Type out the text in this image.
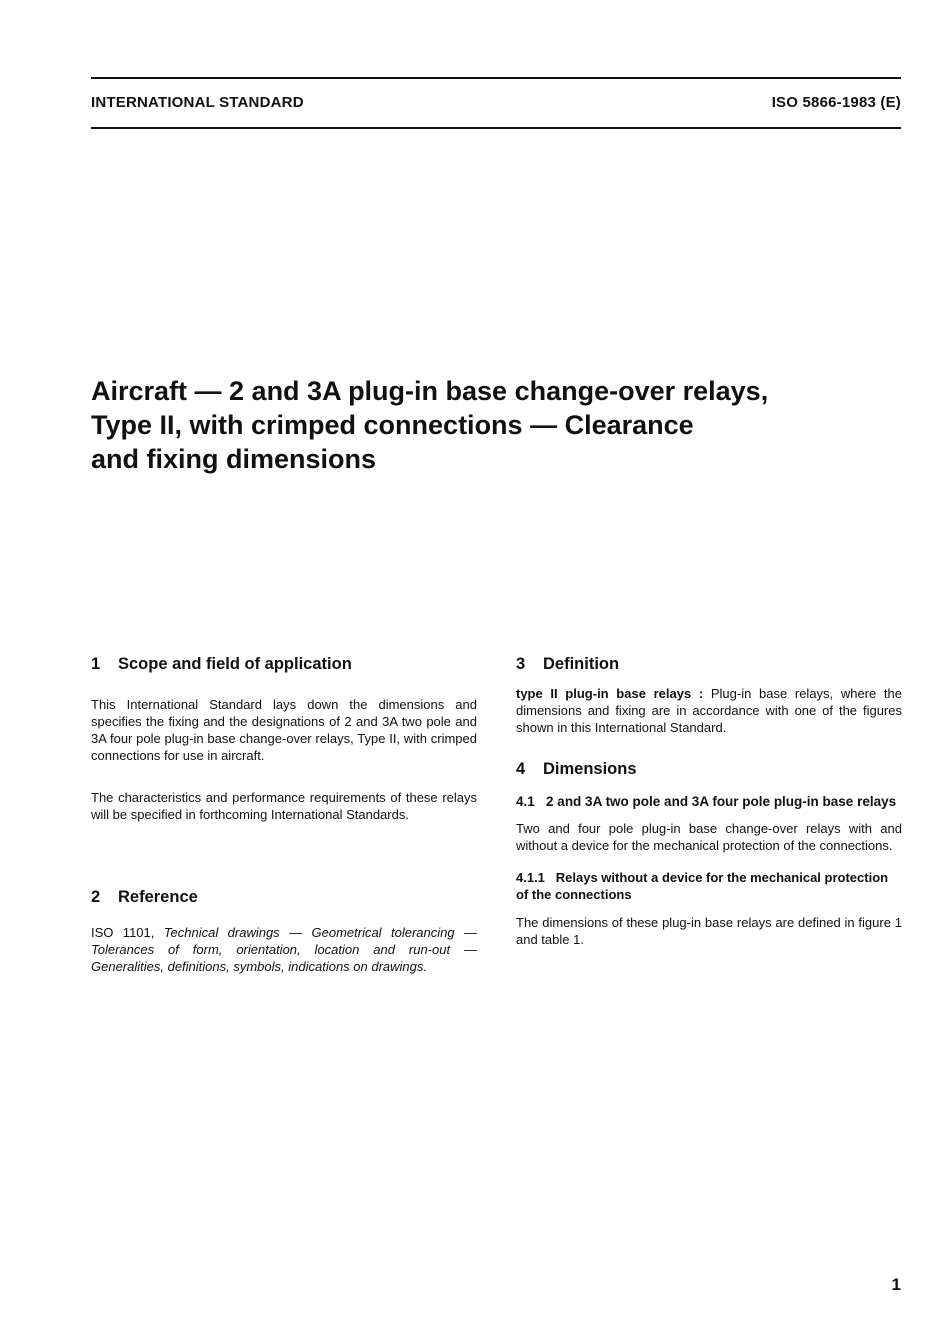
INTERNATIONAL STANDARD	ISO 5866-1983 (E)
Aircraft — 2 and 3A plug-in base change-over relays,
Type II, with crimped connections — Clearance
and fixing dimensions
1 Scope and field of application

This International Standard lays down the dimensions and specifies the fixing and the designations of 2 and 3A two pole and 3A four pole plug-in base change-over relays, Type II, with crimped connections for use in aircraft.

The characteristics and performance requirements of these relays will be specified in forthcoming International Standards.

2 Reference

ISO 1101, Technical drawings — Geometrical tolerancing — Tolerances of form, orientation, location and run-out — Generalities, definitions, symbols, indications on drawings.

3 Definition

type II plug-in base relays : Plug-in base relays, where the dimensions and fixing are in accordance with one of the figures shown in this International Standard.

4 Dimensions
4.1 2 and 3A two pole and 3A four pole plug-in base relays

Two and four pole plug-in base change-over relays with and without a device for the mechanical protection of the connections.

4.1.1 Relays without a device for the mechanical protection of the connections

The dimensions of these plug-in base relays are defined in figure 1 and table 1.

1
